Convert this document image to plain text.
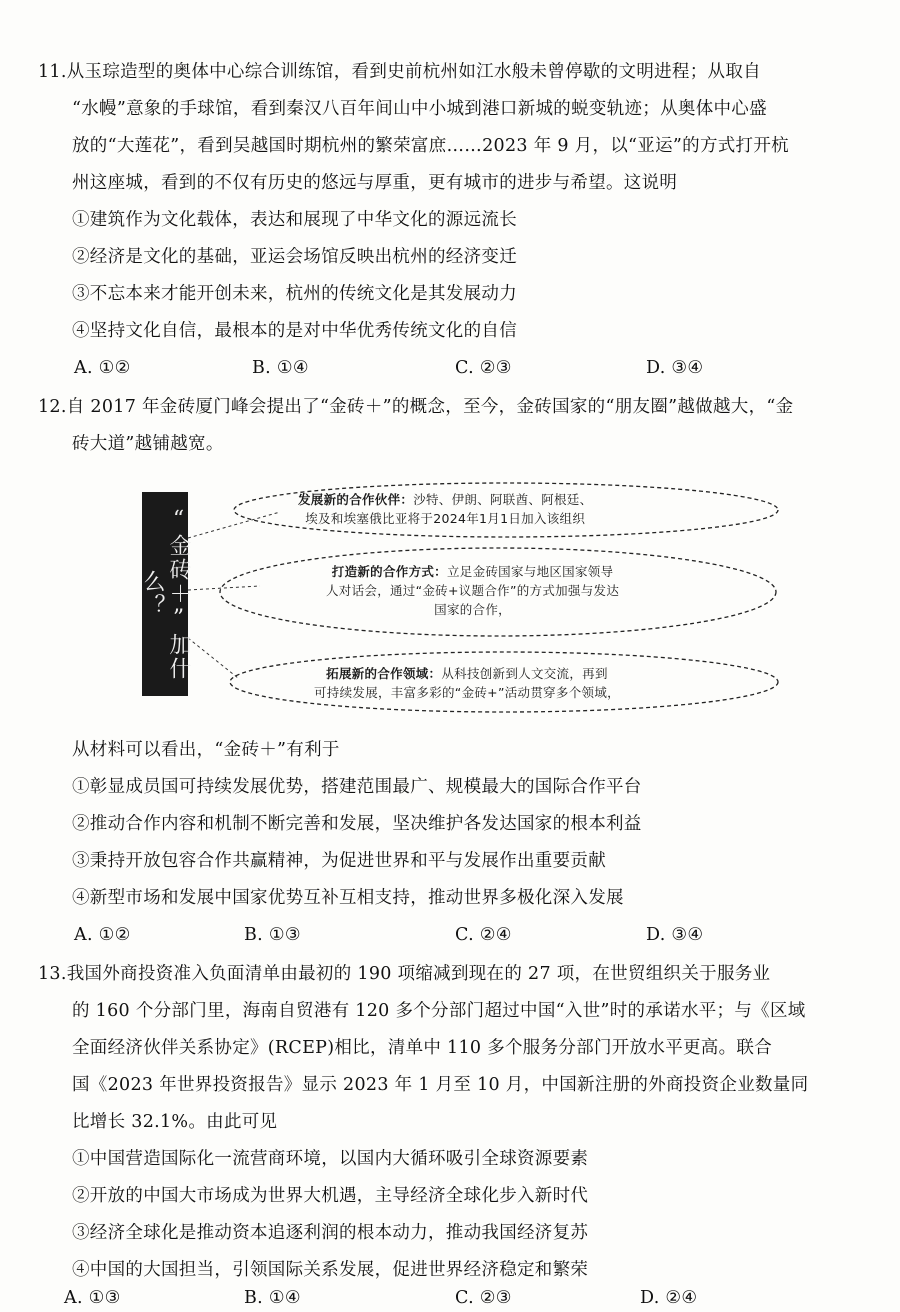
11.从玉琮造型的奥体中心综合训练馆，看到史前杭州如江水般未曾停歇的文明进程；从取自
“水幔”意象的手球馆，看到秦汉八百年间山中小城到港口新城的蜕变轨迹；从奥体中心盛
放的“大莲花”，看到吴越国时期杭州的繁荣富庶……2023 年 9 月，以“亚运”的方式打开杭
州这座城，看到的不仅有历史的悠远与厚重，更有城市的进步与希望。这说明
①建筑作为文化载体，表达和展现了中华文化的源远流长
②经济是文化的基础，亚运会场馆反映出杭州的经济变迁
③不忘本来才能开创未来，杭州的传统文化是其发展动力
④坚持文化自信，最根本的是对中华优秀传统文化的自信
A. ①②	B. ①④	C. ②③	D. ③④
12.自 2017 年金砖厦门峰会提出了“金砖＋”的概念，至今，金砖国家的“朋友圈”越做越大，“金
砖大道”越铺越宽。
“金砖＋”加什么？
发展新的合作伙伴：沙特、伊朗、阿联酋、阿根廷、
埃及和埃塞俄比亚将于2024年1月1日加入该组织
打造新的合作方式：立足金砖国家与地区国家领导
人对话会，通过“金砖+议题合作”的方式加强与发达
国家的合作，
拓展新的合作领域：从科技创新到人文交流，再到
可持续发展，丰富多彩的“金砖+”活动贯穿多个领域，
从材料可以看出，“金砖＋”有利于
①彰显成员国可持续发展优势，搭建范围最广、规模最大的国际合作平台
②推动合作内容和机制不断完善和发展，坚决维护各发达国家的根本利益
③秉持开放包容合作共赢精神，为促进世界和平与发展作出重要贡献
④新型市场和发展中国家优势互补互相支持，推动世界多极化深入发展
A. ①②	B. ①③	C. ②④	D. ③④
13.我国外商投资准入负面清单由最初的 190 项缩减到现在的 27 项，在世贸组织关于服务业
的 160 个分部门里，海南自贸港有 120 多个分部门超过中国“入世”时的承诺水平；与《区域
全面经济伙伴关系协定》(RCEP)相比，清单中 110 多个服务分部门开放水平更高。联合
国《2023 年世界投资报告》显示 2023 年 1 月至 10 月，中国新注册的外商投资企业数量同
比增长 32.1%。由此可见
①中国营造国际化一流营商环境，以国内大循环吸引全球资源要素
②开放的中国大市场成为世界大机遇，主导经济全球化步入新时代
③经济全球化是推动资本追逐利润的根本动力，推动我国经济复苏
④中国的大国担当，引领国际关系发展，促进世界经济稳定和繁荣
A. ①③	B. ①④	C. ②③	D. ②④
